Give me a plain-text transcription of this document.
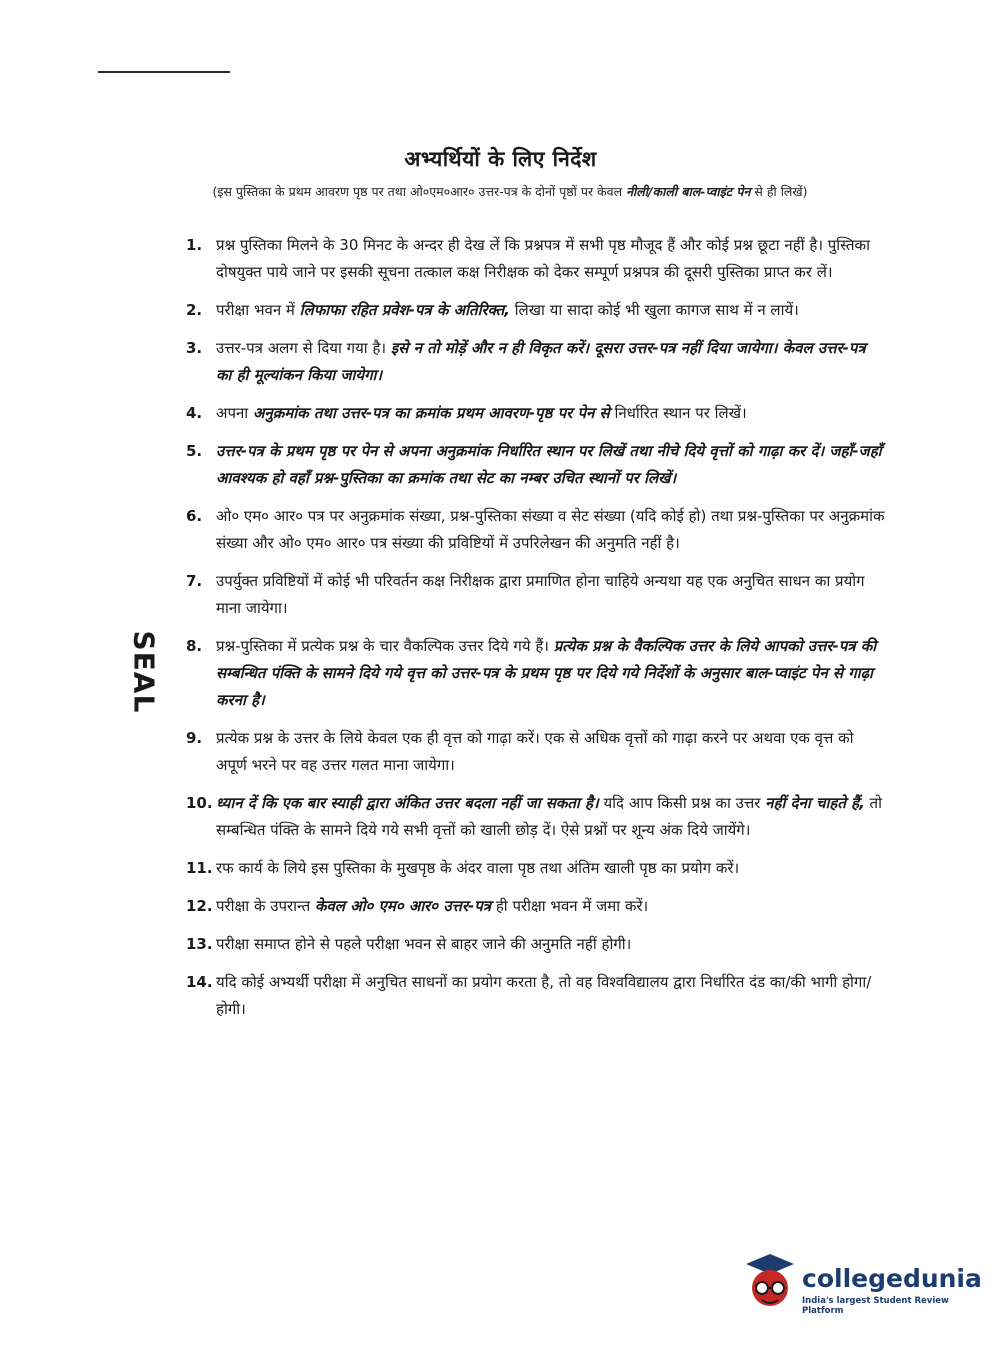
अभ्यर्थियों के लिए निर्देश
(इस पुस्तिका के प्रथम आवरण पृष्ठ पर तथा ओ०एम०आर० उत्तर-पत्र के दोनों पृष्ठों पर केवल नीली/काली बाल-प्वाइंट पेन से ही लिखें)
SEAL
1. प्रश्न पुस्तिका मिलने के 30 मिनट के अन्दर ही देख लें कि प्रश्नपत्र में सभी पृष्ठ मौजूद हैं और कोई प्रश्न छूटा नहीं है। पुस्तिका दोषयुक्त पाये जाने पर इसकी सूचना तत्काल कक्ष निरीक्षक को देकर सम्पूर्ण प्रश्नपत्र की दूसरी पुस्तिका प्राप्त कर लें।
2. परीक्षा भवन में लिफाफा रहित प्रवेश-पत्र के अतिरिक्त, लिखा या सादा कोई भी खुला कागज साथ में न लायें।
3. उत्तर-पत्र अलग से दिया गया है। इसे न तो मोड़ें और न ही विकृत करें। दूसरा उत्तर-पत्र नहीं दिया जायेगा। केवल उत्तर-पत्र का ही मूल्यांकन किया जायेगा।
4. अपना अनुक्रमांक तथा उत्तर-पत्र का क्रमांक प्रथम आवरण-पृष्ठ पर पेन से निर्धारित स्थान पर लिखें।
5. उत्तर-पत्र के प्रथम पृष्ठ पर पेन से अपना अनुक्रमांक निर्धारित स्थान पर लिखें तथा नीचे दिये वृत्तों को गाढ़ा कर दें। जहाँ-जहाँ आवश्यक हो वहाँ प्रश्न-पुस्तिका का क्रमांक तथा सेट का नम्बर उचित स्थानों पर लिखें।
6. ओ० एम० आर० पत्र पर अनुक्रमांक संख्या, प्रश्न-पुस्तिका संख्या व सेट संख्या (यदि कोई हो) तथा प्रश्न-पुस्तिका पर अनुक्रमांक संख्या और ओ० एम० आर० पत्र संख्या की प्रविष्टियों में उपरिलेखन की अनुमति नहीं है।
7. उपर्युक्त प्रविष्टियों में कोई भी परिवर्तन कक्ष निरीक्षक द्वारा प्रमाणित होना चाहिये अन्यथा यह एक अनुचित साधन का प्रयोग माना जायेगा।
8. प्रश्न-पुस्तिका में प्रत्येक प्रश्न के चार वैकल्पिक उत्तर दिये गये हैं। प्रत्येक प्रश्न के वैकल्पिक उत्तर के लिये आपको उत्तर-पत्र की सम्बन्धित पंक्ति के सामने दिये गये वृत्त को उत्तर-पत्र के प्रथम पृष्ठ पर दिये गये निर्देशों के अनुसार बाल-प्वाइंट पेन से गाढ़ा करना है।
9. प्रत्येक प्रश्न के उत्तर के लिये केवल एक ही वृत्त को गाढ़ा करें। एक से अधिक वृत्तों को गाढ़ा करने पर अथवा एक वृत्त को अपूर्ण भरने पर वह उत्तर गलत माना जायेगा।
10. ध्यान दें कि एक बार स्याही द्वारा अंकित उत्तर बदला नहीं जा सकता है। यदि आप किसी प्रश्न का उत्तर नहीं देना चाहते हैं, तो सम्बन्धित पंक्ति के सामने दिये गये सभी वृत्तों को खाली छोड़ दें। ऐसे प्रश्नों पर शून्य अंक दिये जायेंगे।
11. रफ कार्य के लिये इस पुस्तिका के मुखपृष्ठ के अंदर वाला पृष्ठ तथा अंतिम खाली पृष्ठ का प्रयोग करें।
12. परीक्षा के उपरान्त केवल ओ० एम० आर० उत्तर-पत्र ही परीक्षा भवन में जमा करें।
13. परीक्षा समाप्त होने से पहले परीक्षा भवन से बाहर जाने की अनुमति नहीं होगी।
14. यदि कोई अभ्यर्थी परीक्षा में अनुचित साधनों का प्रयोग करता है, तो वह विश्वविद्यालय द्वारा निर्धारित दंड का/की भागी होगा/होगी।
collegedunia
India's largest Student Review Platform
